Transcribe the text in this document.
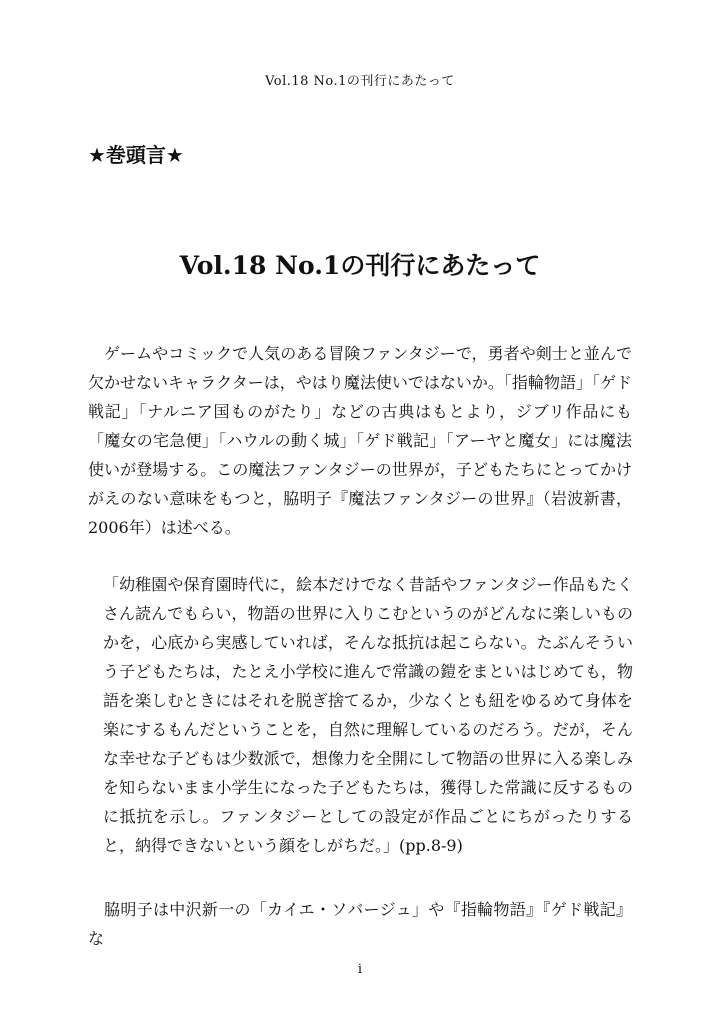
Vol.18 No.1の刊行にあたって
★巻頭言★
Vol.18 No.1の刊行にあたって

ゲームやコミックで人気のある冒険ファンタジーで，勇者や剣士と並んで欠かせないキャラクターは，やはり魔法使いではないか。「指輪物語」「ゲド戦記」「ナルニア国ものがたり」などの古典はもとより，ジブリ作品にも「魔女の宅急便」「ハウルの動く城」「ゲド戦記」「アーヤと魔女」には魔法使いが登場する。この魔法ファンタジーの世界が，子どもたちにとってかけがえのない意味をもつと，脇明子『魔法ファンタジーの世界』（岩波新書，2006年）は述べる。

「幼稚園や保育園時代に，絵本だけでなく昔話やファンタジー作品もたくさん読んでもらい，物語の世界に入りこむというのがどんなに楽しいものかを，心底から実感していれば，そんな抵抗は起こらない。たぶんそういう子どもたちは，たとえ小学校に進んで常識の鎧をまといはじめても，物語を楽しむときにはそれを脱ぎ捨てるか，少なくとも紐をゆるめて身体を楽にするもんだということを，自然に理解しているのだろう。だが，そんな幸せな子どもは少数派で，想像力を全開にして物語の世界に入る楽しみを知らないまま小学生になった子どもたちは，獲得した常識に反するものに抵抗を示し。ファンタジーとしての設定が作品ごとにちがったりすると，納得できないという顔をしがちだ。」(pp.8-9)

脇明子は中沢新一の「カイエ・ソバージュ」や『指輪物語』『ゲド戦記』な

i
